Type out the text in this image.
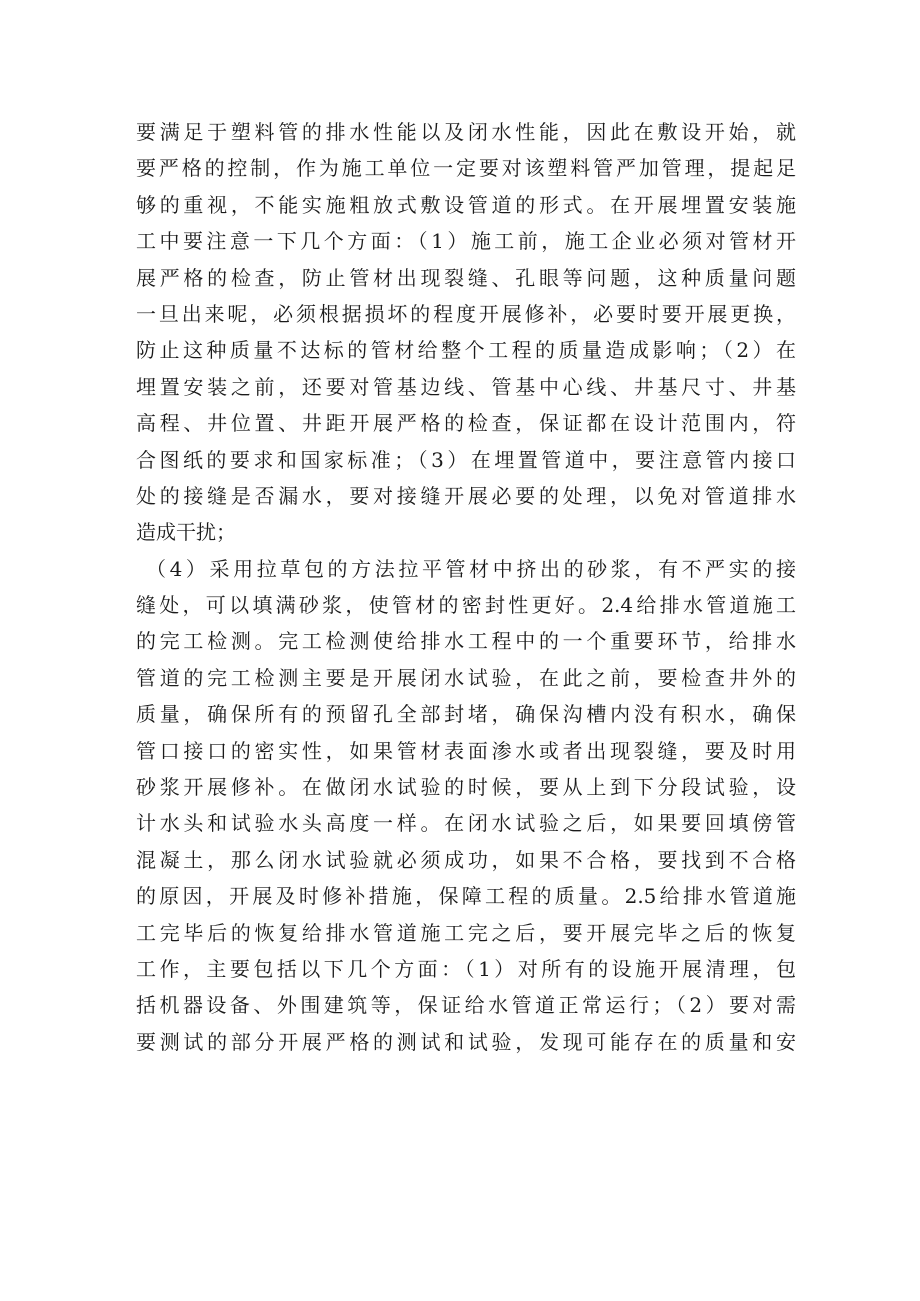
要满足于塑料管的排水性能以及闭水性能，因此在敷设开始，就
要严格的控制，作为施工单位一定要对该塑料管严加管理，提起足
够的重视，不能实施粗放式敷设管道的形式。在开展埋置安装施
工中要注意一下几个方面：（1）施工前，施工企业必须对管材开
展严格的检查，防止管材出现裂缝、孔眼等问题，这种质量问题
一旦出来呢，必须根据损坏的程度开展修补，必要时要开展更换，
防止这种质量不达标的管材给整个工程的质量造成影响；（2）在
埋置安装之前，还要对管基边线、管基中心线、井基尺寸、井基
高程、井位置、井距开展严格的检查，保证都在设计范围内，符
合图纸的要求和国家标准；（3）在埋置管道中，要注意管内接口
处的接缝是否漏水，要对接缝开展必要的处理，以免对管道排水
造成干扰；
（4）采用拉草包的方法拉平管材中挤出的砂浆，有不严实的接
缝处，可以填满砂浆，使管材的密封性更好。2.4给排水管道施工
的完工检测。完工检测使给排水工程中的一个重要环节，给排水
管道的完工检测主要是开展闭水试验，在此之前，要检查井外的
质量，确保所有的预留孔全部封堵，确保沟槽内没有积水，确保
管口接口的密实性，如果管材表面渗水或者出现裂缝，要及时用
砂浆开展修补。在做闭水试验的时候，要从上到下分段试验，设
计水头和试验水头高度一样。在闭水试验之后，如果要回填傍管
混凝土，那么闭水试验就必须成功，如果不合格，要找到不合格
的原因，开展及时修补措施，保障工程的质量。2.5给排水管道施
工完毕后的恢复给排水管道施工完之后，要开展完毕之后的恢复
工作，主要包括以下几个方面：（1）对所有的设施开展清理，包
括机器设备、外围建筑等，保证给水管道正常运行；（2）要对需
要测试的部分开展严格的测试和试验，发现可能存在的质量和安
